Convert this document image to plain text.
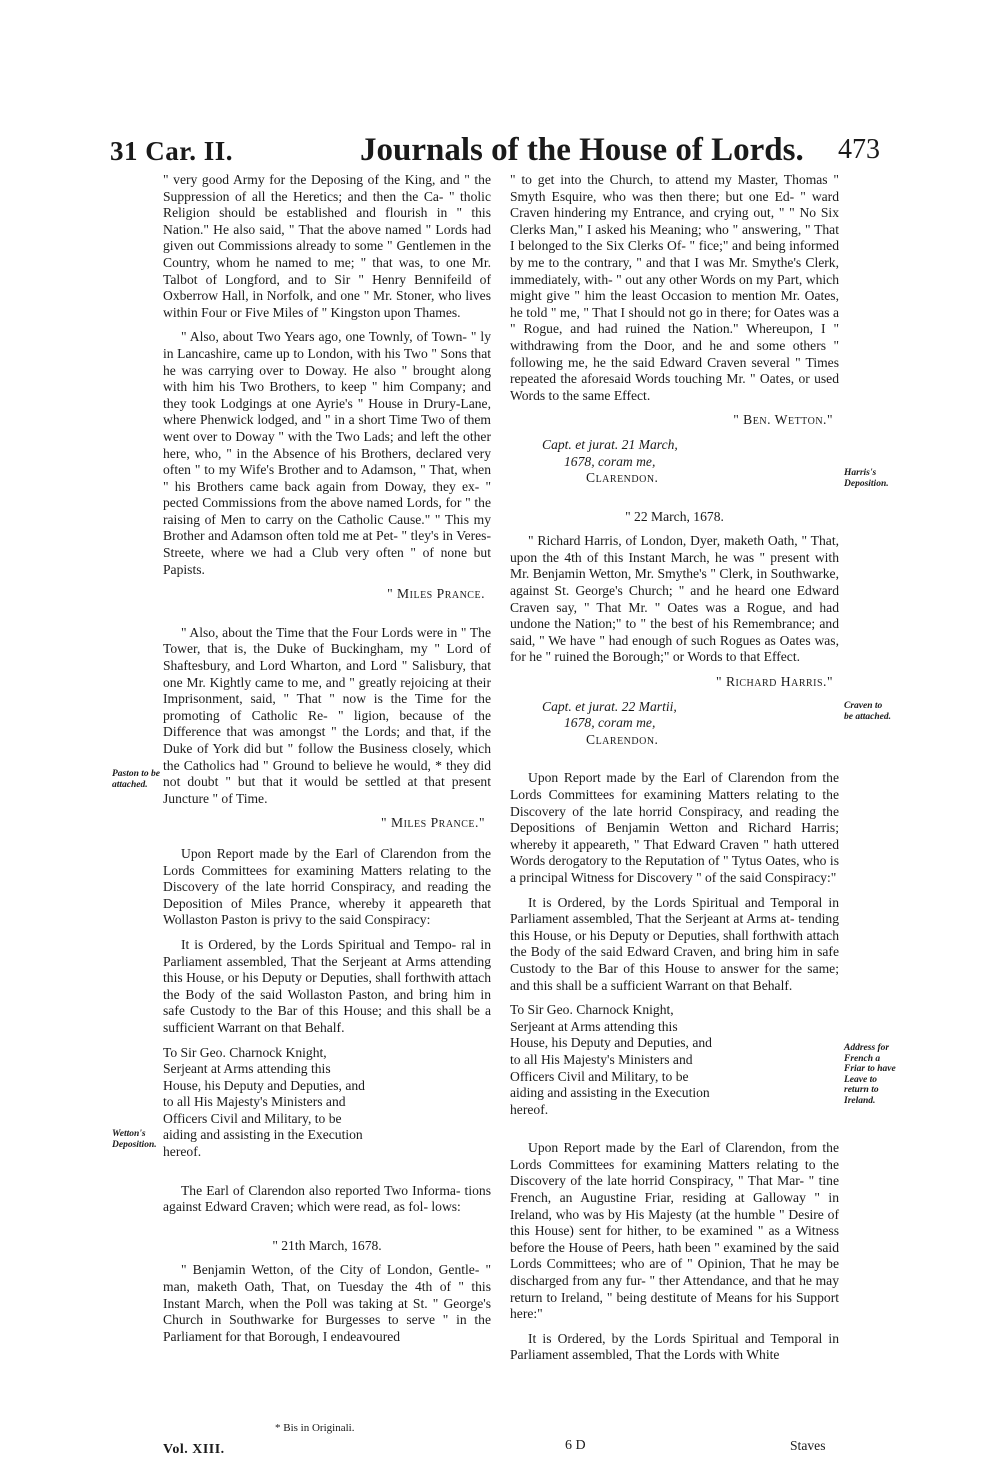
31 Car. II.	Journals of the House of Lords. 473
Paston to be attached.
Wetton's Deposition.
Harris's Deposition.
Craven to be attached.
Address for French a Friar to have Leave to return to Ireland.

" very good Army for the Deposing of the King, and " the Suppression of all the Heretics; and then the Ca- " tholic Religion should be established and flourish in " this Nation." He also said, " That the above named " Lords had given out Commissions already to some " Gentlemen in the Country, whom he named to me; " that was, to one Mr. Talbot of Longford, and to Sir " Henry Bennifeild of Oxberrow Hall, in Norfolk, and one " Mr. Stoner, who lives within Four or Five Miles of " Kingston upon Thames.

" Also, about Two Years ago, one Townly, of Town- " ly in Lancashire, came up to London, with his Two " Sons that he was carrying over to Doway. He also " brought along with him his Two Brothers, to keep " him Company; and they took Lodgings at one Ayrie's " House in Drury-Lane, where Phenwick lodged, and " in a short Time Two of them went over to Doway " with the Two Lads; and left the other here, who, " in the Absence of his Brothers, declared very often " to my Wife's Brother and to Adamson, " That, when " his Brothers came back again from Doway, they ex- " pected Commissions from the above named Lords, for " the raising of Men to carry on the Catholic Cause." " This my Brother and Adamson often told me at Pet- " tley's in Veres-Streete, where we had a Club very often " of none but Papists.

" Miles Prance.

" Also, about the Time that the Four Lords were in " The Tower, that is, the Duke of Buckingham, my " Lord of Shaftesbury, and Lord Wharton, and Lord " Salisbury, that one Mr. Kightly came to me, and " greatly rejoicing at their Imprisonment, said, " That " now is the Time for the promoting of Catholic Re- " ligion, because of the Difference that was amongst " the Lords; and that, if the Duke of York did but " follow the Business closely, which the Catholics had " Ground to believe he would, * they did not doubt " but that it would be settled at that present Juncture " of Time.

" Miles Prance."

Upon Report made by the Earl of Clarendon from the Lords Committees for examining Matters relating to the Discovery of the late horrid Conspiracy, and reading the Deposition of Miles Prance, whereby it appeareth that Wollaston Paston is privy to the said Conspiracy:

It is Ordered, by the Lords Spiritual and Tempo- ral in Parliament assembled, That the Serjeant at Arms attending this House, or his Deputy or Deputies, shall forthwith attach the Body of the said Wollaston Paston, and bring him in safe Custody to the Bar of this House; and this shall be a sufficient Warrant on that Behalf.

To Sir Geo. Charnock Knight, Serjeant at Arms attending this House, his Deputy and Deputies, and to all His Majesty's Ministers and Officers Civil and Military, to be aiding and assisting in the Execution hereof.

The Earl of Clarendon also reported Two Informa- tions against Edward Craven; which were read, as fol- lows:

" 21th March, 1678.

" Benjamin Wetton, of the City of London, Gentle- " man, maketh Oath, That, on Tuesday the 4th of " this Instant March, when the Poll was taking at St. " George's Church in Southwarke for Burgesses to serve " in the Parliament for that Borough, I endeavoured

* Bis in Originali.
Vol. XIII.

" to get into the Church, to attend my Master, Thomas " Smyth Esquire, who was then there; but one Ed- " ward Craven hindering my Entrance, and crying out, " " No Six Clerks Man," I asked his Meaning; who " answering, " That I belonged to the Six Clerks Of- " fice;" and being informed by me to the contrary, " and that I was Mr. Smythe's Clerk, immediately, with- " out any other Words on my Part, which might give " him the least Occasion to mention Mr. Oates, he told " me, " That I should not go in there; for Oates was a " Rogue, and had ruined the Nation." Whereupon, I " withdrawing from the Door, and he and some others " following me, he the said Edward Craven several " Times repeated the aforesaid Words touching Mr. " Oates, or used Words to the same Effect.

" Ben. Wetton."

Capt. et jurat. 21 March,
1678, coram me,
Clarendon.

" 22 March, 1678.

" Richard Harris, of London, Dyer, maketh Oath, " That, upon the 4th of this Instant March, he was " present with Mr. Benjamin Wetton, Mr. Smythe's " Clerk, in Southwarke, against St. George's Church; " and he heard one Edward Craven say, " That Mr. " Oates was a Rogue, and had undone the Nation;" to " the best of his Remembrance; and said, " We have " had enough of such Rogues as Oates was, for he " ruined the Borough;" or Words to that Effect.

" Richard Harris."

Capt. et jurat. 22 Martii,
1678, coram me,
Clarendon.

Upon Report made by the Earl of Clarendon from the Lords Committees for examining Matters relating to the Discovery of the late horrid Conspiracy, and reading the Depositions of Benjamin Wetton and Richard Harris; whereby it appeareth, " That Edward Craven " hath uttered Words derogatory to the Reputation of " Tytus Oates, who is a principal Witness for Discovery " of the said Conspiracy:"

It is Ordered, by the Lords Spiritual and Temporal in Parliament assembled, That the Serjeant at Arms at- tending this House, or his Deputy or Deputies, shall forthwith attach the Body of the said Edward Craven, and bring him in safe Custody to the Bar of this House to answer for the same; and this shall be a sufficient Warrant on that Behalf.

To Sir Geo. Charnock Knight, Serjeant at Arms attending this House, his Deputy and Deputies, and to all His Majesty's Ministers and Officers Civil and Military, to be aiding and assisting in the Execution hereof.

Upon Report made by the Earl of Clarendon, from the Lords Committees for examining Matters relating to the Discovery of the late horrid Conspiracy, " That Mar- " tine French, an Augustine Friar, residing at Galloway " in Ireland, who was by His Majesty (at the humble " Desire of this House) sent for hither, to be examined " as a Witness before the House of Peers, hath been " examined by the said Lords Committees; who are of " Opinion, That he may be discharged from any fur- " ther Attendance, and that he may return to Ireland, " being destitute of Means for his Support here:"

It is Ordered, by the Lords Spiritual and Temporal in Parliament assembled, That the Lords with White

6 D	Staves
